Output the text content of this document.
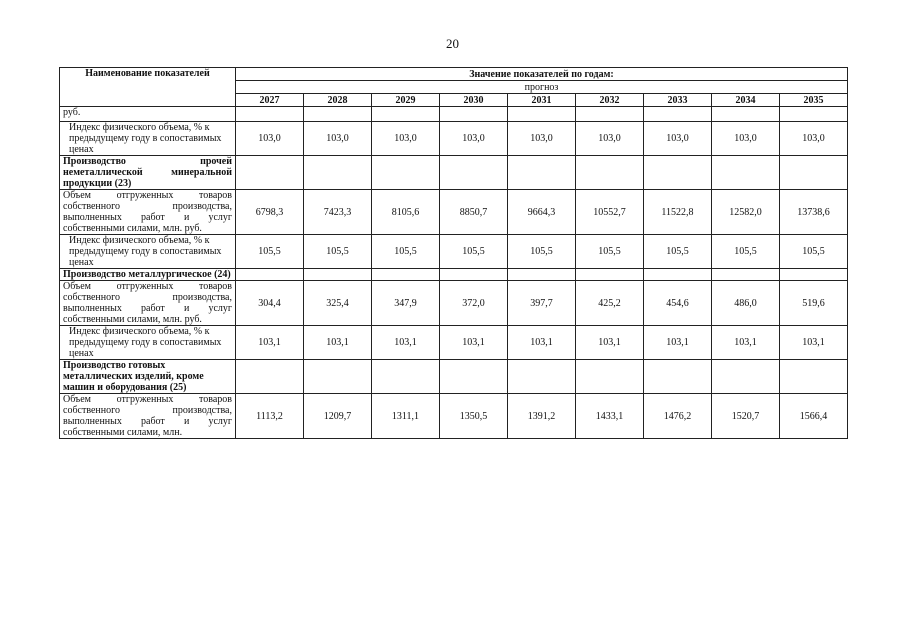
20
Наименование показателей	Значение показателей по годам:								
	прогноз								
	2027	2028	2029	2030	2031	2032	2033	2034	2035
руб.									
Индекс физического объема, % к предыдущему году в сопоставимых ценах	103,0	103,0	103,0	103,0	103,0	103,0	103,0	103,0	103,0
Производство прочей неметаллической минеральной продукции (23)									
Объем отгруженных товаров собственного производства, выполненных работ и услуг собственными силами, млн. руб.	6798,3	7423,3	8105,6	8850,7	9664,3	10552,7	11522,8	12582,0	13738,6
Индекс физического объема, % к предыдущему году в сопоставимых ценах	105,5	105,5	105,5	105,5	105,5	105,5	105,5	105,5	105,5
Производство металлургическое (24)									
Объем отгруженных товаров собственного производства, выполненных работ и услуг собственными силами, млн. руб.	304,4	325,4	347,9	372,0	397,7	425,2	454,6	486,0	519,6
Индекс физического объема, % к предыдущему году в сопоставимых ценах	103,1	103,1	103,1	103,1	103,1	103,1	103,1	103,1	103,1
Производство готовых металлических изделий, кроме машин и оборудования (25)									
Объем отгруженных товаров собственного производства, выполненных работ и услуг собственными силами, млн.	1113,2	1209,7	1311,1	1350,5	1391,2	1433,1	1476,2	1520,7	1566,4
